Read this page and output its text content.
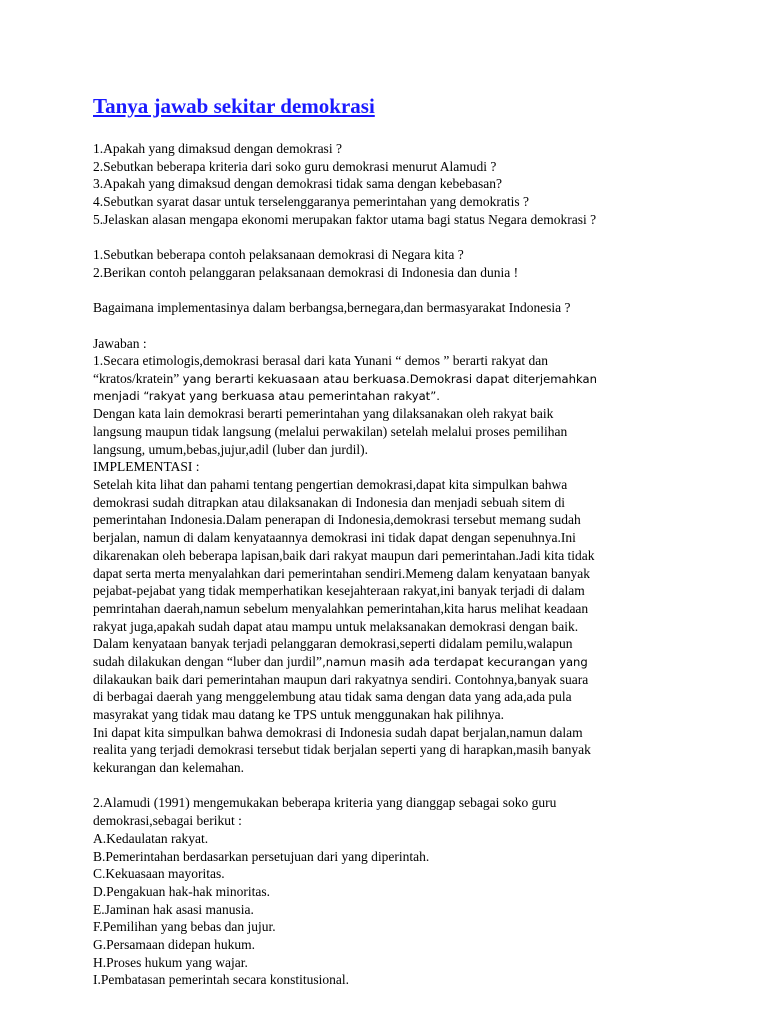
Tanya jawab sekitar demokrasi
1.Apakah yang dimaksud dengan demokrasi ?
2.Sebutkan beberapa kriteria dari soko guru demokrasi menurut Alamudi ?
3.Apakah yang dimaksud dengan demokrasi tidak sama dengan kebebasan?
4.Sebutkan syarat dasar untuk terselenggaranya pemerintahan yang demokratis ?
5.Jelaskan alasan mengapa ekonomi merupakan faktor utama bagi status Negara demokrasi ?
1.Sebutkan beberapa contoh pelaksanaan demokrasi di Negara kita ?
2.Berikan contoh pelanggaran pelaksanaan demokrasi di Indonesia dan dunia !
Bagaimana implementasinya dalam berbangsa,bernegara,dan bermasyarakat Indonesia ?
Jawaban :
1.Secara etimologis,demokrasi berasal dari kata Yunani “ demos ” berarti rakyat dan
“kratos/kratein” yang berarti kekuasaan atau berkuasa.Demokrasi dapat diterjemahkan
menjadi “rakyat yang berkuasa atau pemerintahan rakyat”.
Dengan kata lain demokrasi berarti pemerintahan yang dilaksanakan oleh rakyat baik
langsung maupun tidak langsung (melalui perwakilan) setelah melalui proses pemilihan
langsung, umum,bebas,jujur,adil (luber dan jurdil).
IMPLEMENTASI :
Setelah kita lihat dan pahami tentang pengertian demokrasi,dapat kita simpulkan bahwa
demokrasi sudah ditrapkan atau dilaksanakan di Indonesia dan menjadi sebuah sitem di
pemerintahan Indonesia.Dalam penerapan di Indonesia,demokrasi tersebut memang sudah
berjalan, namun di dalam kenyataannya demokrasi ini tidak dapat dengan sepenuhnya.Ini
dikarenakan oleh beberapa lapisan,baik dari rakyat maupun dari pemerintahan.Jadi kita tidak
dapat serta merta menyalahkan dari pemerintahan sendiri.Memeng dalam kenyataan banyak
pejabat-pejabat yang tidak memperhatikan kesejahteraan rakyat,ini banyak terjadi di dalam
pemrintahan daerah,namun sebelum menyalahkan pemerintahan,kita harus melihat keadaan
rakyat juga,apakah sudah dapat atau mampu untuk melaksanakan demokrasi dengan baik.
Dalam kenyataan banyak terjadi pelanggaran demokrasi,seperti didalam pemilu,walapun
sudah dilakukan dengan “luber dan jurdil”,namun masih ada terdapat kecurangan yang
dilakaukan baik dari pemerintahan maupun dari rakyatnya sendiri. Contohnya,banyak suara
di berbagai daerah yang menggelembung atau tidak sama dengan data yang ada,ada pula
masyrakat yang tidak mau datang ke TPS untuk menggunakan hak pilihnya.
Ini dapat kita simpulkan bahwa demokrasi di Indonesia sudah dapat berjalan,namun dalam
realita yang terjadi demokrasi tersebut tidak berjalan seperti yang di harapkan,masih banyak
kekurangan dan kelemahan.
2.Alamudi (1991) mengemukakan beberapa kriteria yang dianggap sebagai soko guru
demokrasi,sebagai berikut :
A.Kedaulatan rakyat.
B.Pemerintahan berdasarkan persetujuan dari yang diperintah.
C.Kekuasaan mayoritas.
D.Pengakuan hak-hak minoritas.
E.Jaminan hak asasi manusia.
F.Pemilihan yang bebas dan jujur.
G.Persamaan didepan hukum.
H.Proses hukum yang wajar.
I.Pembatasan pemerintah secara konstitusional.
